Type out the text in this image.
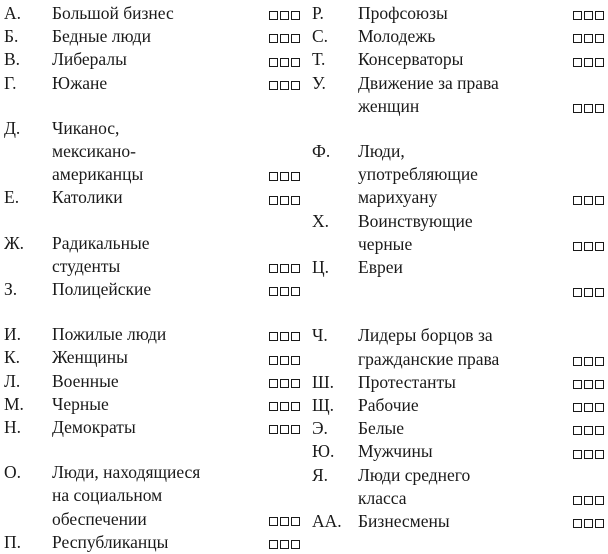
А. Большой бизнес
Б. Бедные люди
В. Либералы
Г. Южане
Д. Чиканос,
мексикано-
американцы
Е. Католики
Ж. Радикальные
студенты
З. Полицейские
И. Пожилые люди
К. Женщины
Л. Военные
М. Черные
Н. Демократы
О. Люди, находящиеся
на социальном
обеспечении
П. Республиканцы
Р. Профсоюзы
С. Молодежь
Т. Консерваторы
У. Движение за права
женщин
Ф. Люди,
употребляющие
марихуану
Х. Воинствующие
черные
Ц. Евреи

Ч. Лидеры борцов за
гражданские права
Ш. Протестанты
Щ. Рабочие
Э. Белые
Ю. Мужчины
Я. Люди среднего
класса
АА. Бизнесмены
